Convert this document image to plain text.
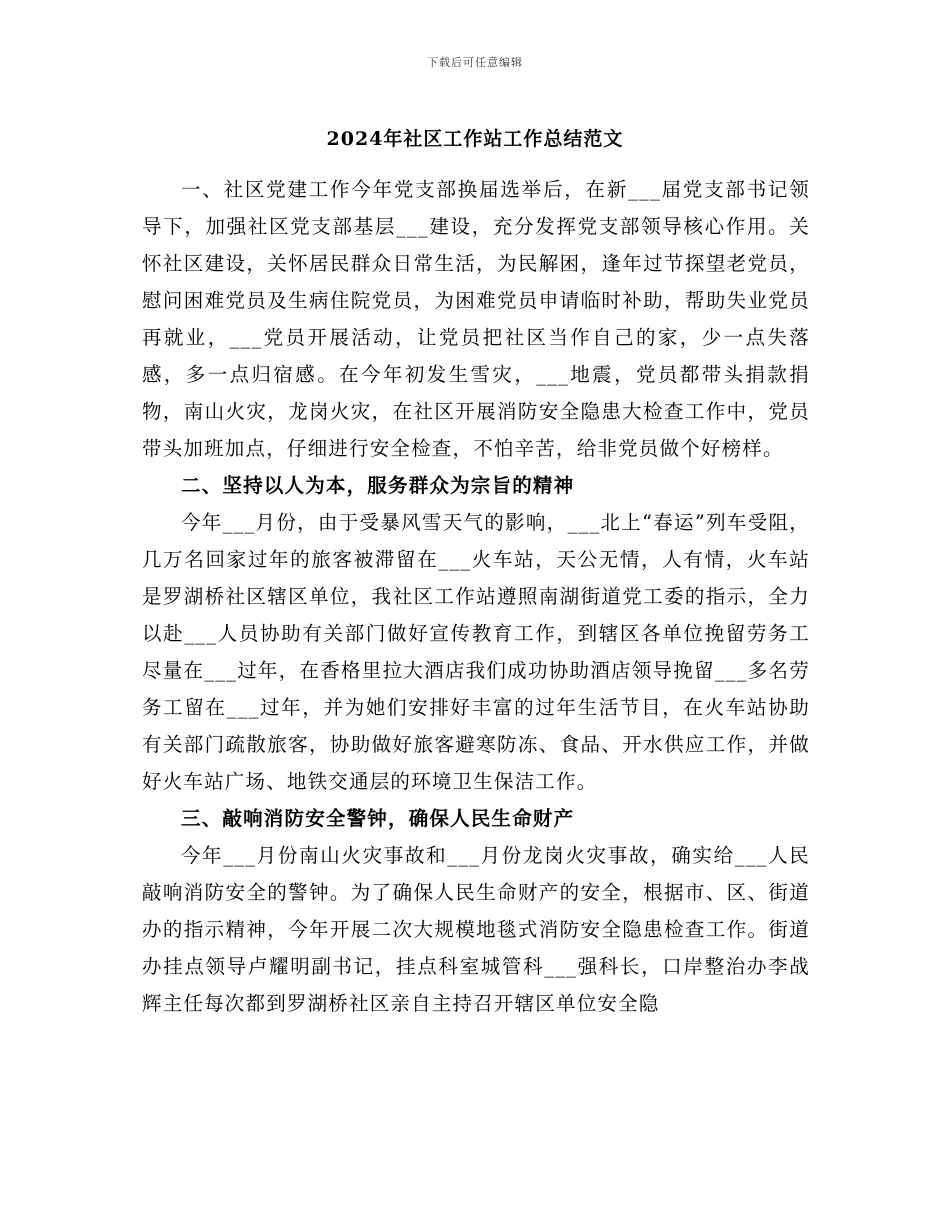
下载后可任意编辑
2024年社区工作站工作总结范文

一、社区党建工作今年党支部换届选举后，在新___届党支部书记领导下，加强社区党支部基层___建设，充分发挥党支部领导核心作用。关怀社区建设，关怀居民群众日常生活，为民解困，逢年过节探望老党员，慰问困难党员及生病住院党员，为困难党员申请临时补助，帮助失业党员再就业，___党员开展活动，让党员把社区当作自己的家，少一点失落感，多一点归宿感。在今年初发生雪灾，___地震，党员都带头捐款捐物，南山火灾，龙岗火灾，在社区开展消防安全隐患大检查工作中，党员带头加班加点，仔细进行安全检查，不怕辛苦，给非党员做个好榜样。

二、坚持以人为本，服务群众为宗旨的精神

今年___月份，由于受暴风雪天气的影响，___北上“春运”列车受阻，几万名回家过年的旅客被滞留在___火车站，天公无情，人有情，火车站是罗湖桥社区辖区单位，我社区工作站遵照南湖街道党工委的指示，全力以赴___人员协助有关部门做好宣传教育工作，到辖区各单位挽留劳务工尽量在___过年，在香格里拉大酒店我们成功协助酒店领导挽留___多名劳务工留在___过年，并为她们安排好丰富的过年生活节目，在火车站协助有关部门疏散旅客，协助做好旅客避寒防冻、食品、开水供应工作，并做好火车站广场、地铁交通层的环境卫生保洁工作。

三、敲响消防安全警钟，确保人民生命财产

今年___月份南山火灾事故和___月份龙岗火灾事故，确实给___人民敲响消防安全的警钟。为了确保人民生命财产的安全，根据市、区、街道办的指示精神，今年开展二次大规模地毯式消防安全隐患检查工作。街道办挂点领导卢耀明副书记，挂点科室城管科___强科长，口岸整治办李战辉主任每次都到罗湖桥社区亲自主持召开辖区单位安全隐
